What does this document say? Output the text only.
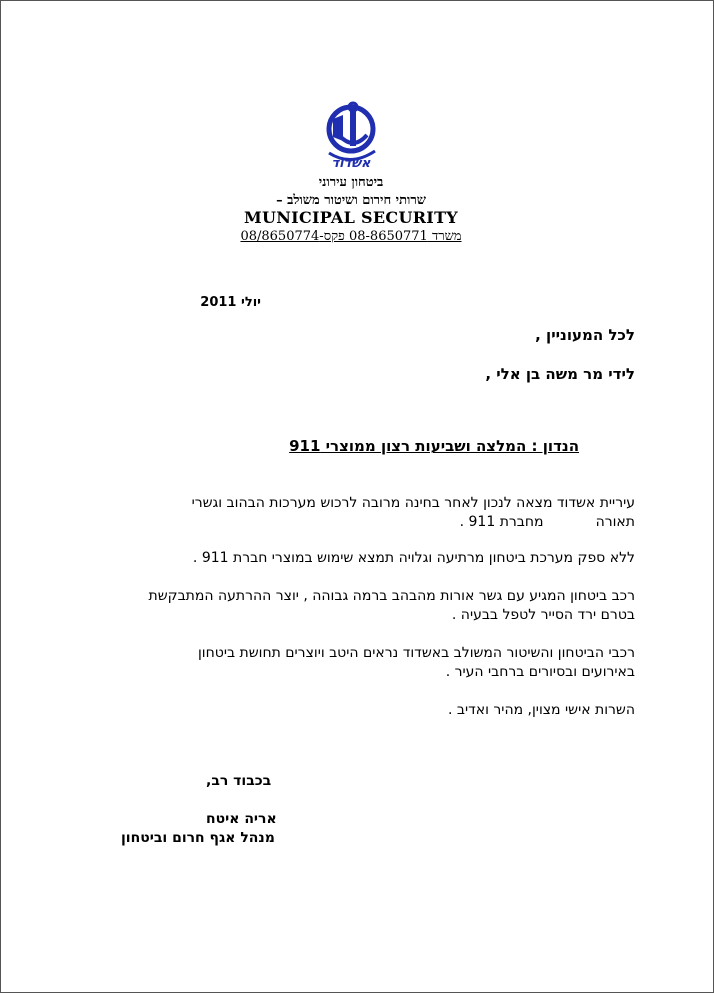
אשדוד
ביטחון עירוני
שרותי חירום ושיטור משולב –
MUNICIPAL SECURITY
משרד 08-8650771 פקס-08/8650774
יולי 2011
לכל המעוניין ,
לידי מר משה בן אלי ,
הנדון : המלצה ושביעות רצון ממוצרי 911
עיריית אשדוד מצאה לנכון לאחר בחינה מרובה לרכוש מערכות הבהוב וגשרי
תאורהמחברת 911 .
ללא ספק מערכת ביטחון מרתיעה וגלויה תמצא שימוש במוצרי חברת 911 .
רכב ביטחון המגיע עם גשר אורות מהבהב ברמה גבוהה , יוצר ההרתעה המתבקשת
בטרם ירד הסייר לטפל בבעיה .
רכבי הביטחון והשיטור המשולב באשדוד נראים היטב ויוצרים תחושת ביטחון
באירועים ובסיורים ברחבי העיר .
השרות אישי מצוין, מהיר ואדיב .
בכבוד רב,
אריה איטח
מנהל אגף חרום וביטחון
